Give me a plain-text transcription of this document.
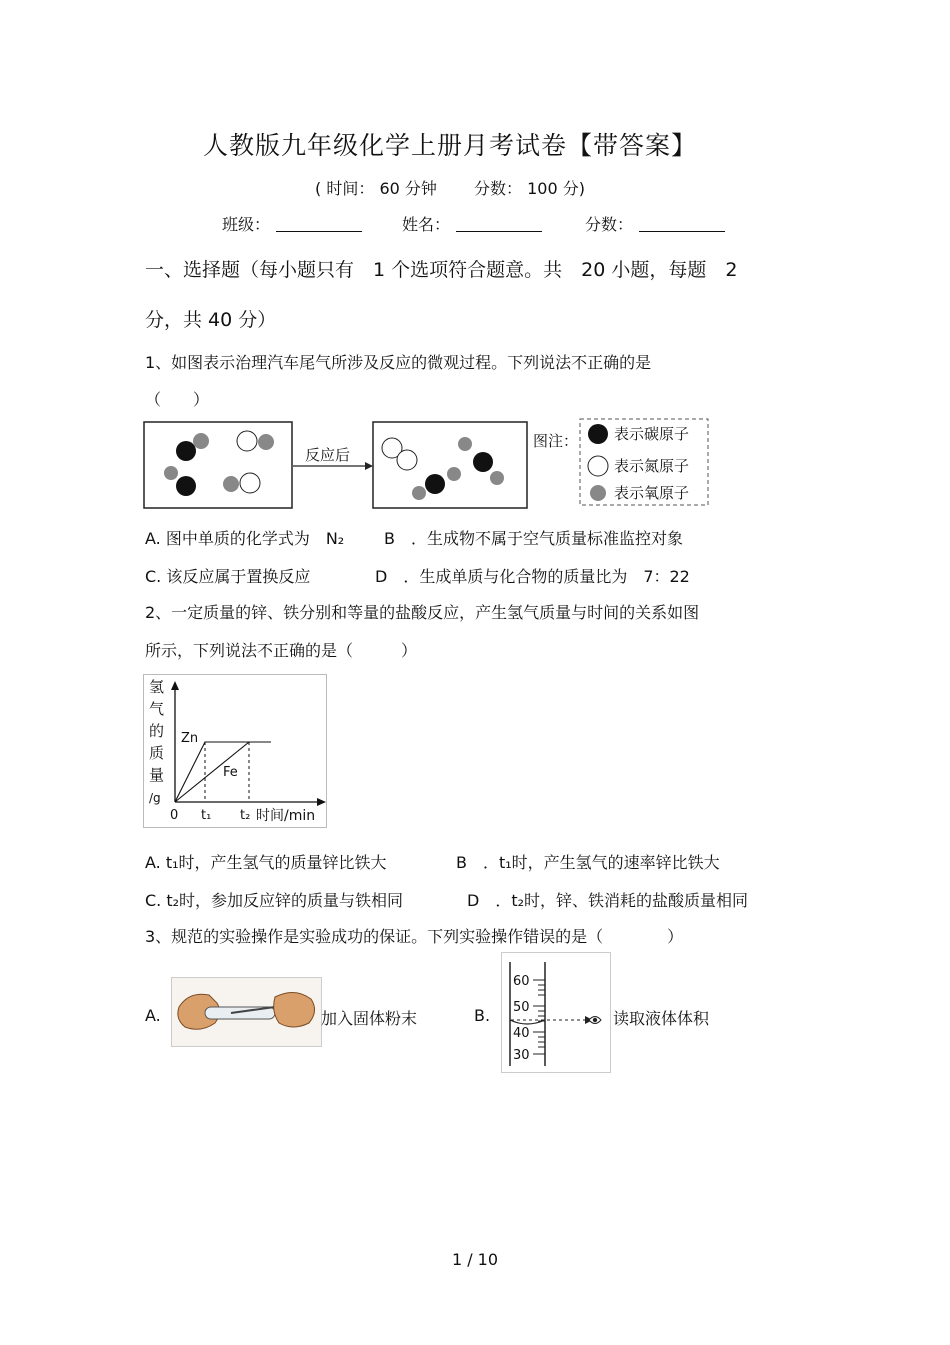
人教版九年级化学上册月考试卷【带答案】
( 时间： 60 分钟 分数： 100 分)
班级：	姓名：	分数：
一、选择题（每小题只有　1 个选项符合题意。共　20 小题，每题　2
分，共 40 分）
1、如图表示治理汽车尾气所涉及反应的微观过程。下列说法不正确的是
（　　）
反应后
图注： 表示碳原子
表示氮原子
表示氧原子
A. 图中单质的化学式为　N₂ B　．生成物不属于空气质量标准监控对象
C. 该反应属于置换反应	D　．生成单质与化合物的质量比为　7：22
2、一定质量的锌、铁分别和等量的盐酸反应，产生氢气质量与时间的关系如图
所示，下列说法不正确的是（　　　）
氢
气
的
质
量
/g
Zn
Fe
0 t₁ t₂ 时间/min
A. t₁时，产生氢气的质量锌比铁大	B　．t₁时，产生氢气的速率锌比铁大
C. t₂时，参加反应锌的质量与铁相同	D　．t₂时，锌、铁消耗的盐酸质量相同
3、规范的实验操作是实验成功的保证。下列实验操作错误的是（　　　　）
A.	加入固体粉末	B.
60
50
40
30
读取液体体积
1 / 10
